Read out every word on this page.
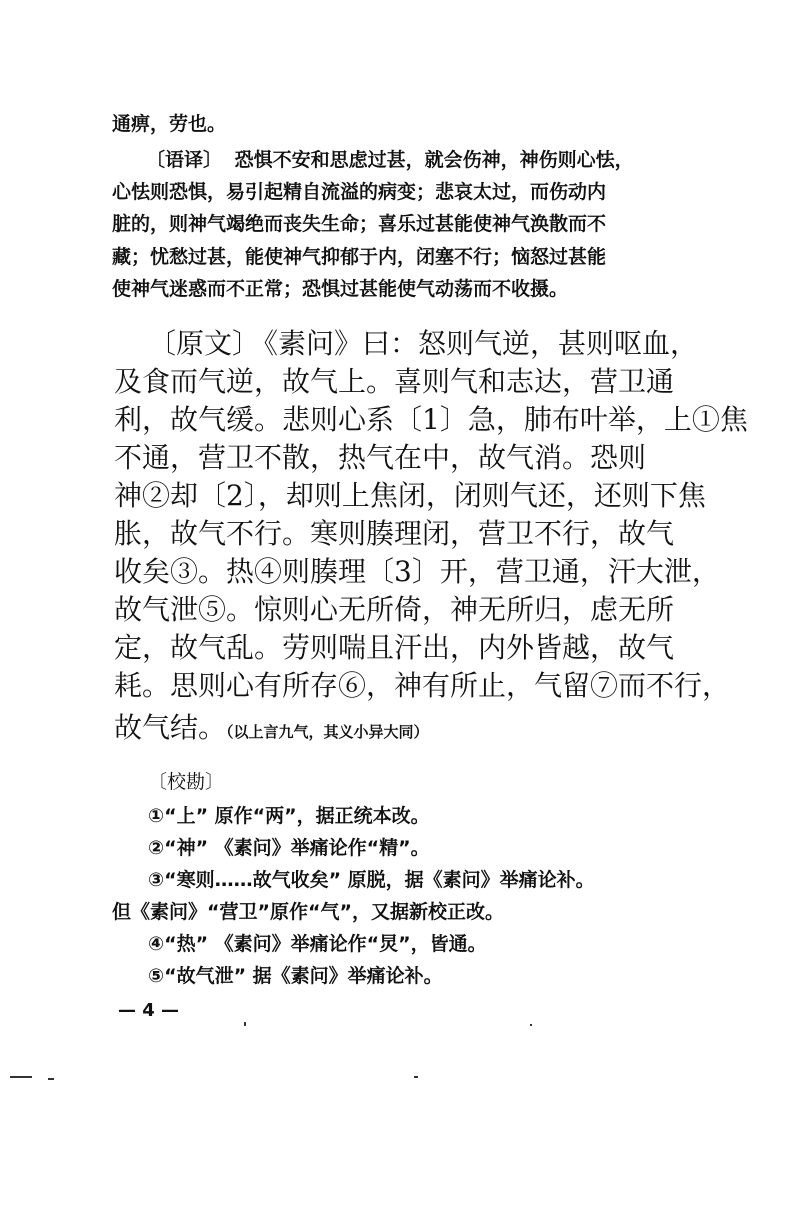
通痹，劳也。
〔语译〕 恐惧不安和思虑过甚，就会伤神，神伤则心怯，
心怯则恐惧，易引起精自流溢的病变；悲哀太过，而伤动内
脏的，则神气竭绝而丧失生命；喜乐过甚能使神气涣散而不
藏；忧愁过甚，能使神气抑郁于内，闭塞不行；恼怒过甚能
使神气迷惑而不正常；恐惧过甚能使气动荡而不收摄。
〔原文〕 《素问》曰：怒则气逆，甚则呕血，
及食而气逆，故气上。喜则气和志达，营卫通
利，故气缓。悲则心系〔1〕急，肺布叶举，上①焦
不通，营卫不散，热气在中，故气消。恐则
神②却〔2〕，却则上焦闭，闭则气还，还则下焦
胀，故气不行。寒则腠理闭，营卫不行，故气
收矣③。热④则腠理〔3〕开，营卫通，汗大泄，
故气泄⑤。惊则心无所倚，神无所归，虑无所
定，故气乱。劳则喘且汗出，内外皆越，故气
耗。思则心有所存⑥，神有所止，气留⑦而不行，
故气结。（以上言九气，其义小异大同）
〔校勘〕
①“上” 原作“两”，据正统本改。
②“神” 《素问》举痛论作“精”。
③“寒则……故气收矣” 原脱，据《素问》举痛论补。
但《素问》“营卫”原作“气”，又据新校正改。
④“热” 《素问》举痛论作“炅”，皆通。
⑤“故气泄” 据《素问》举痛论补。
— 4 —
